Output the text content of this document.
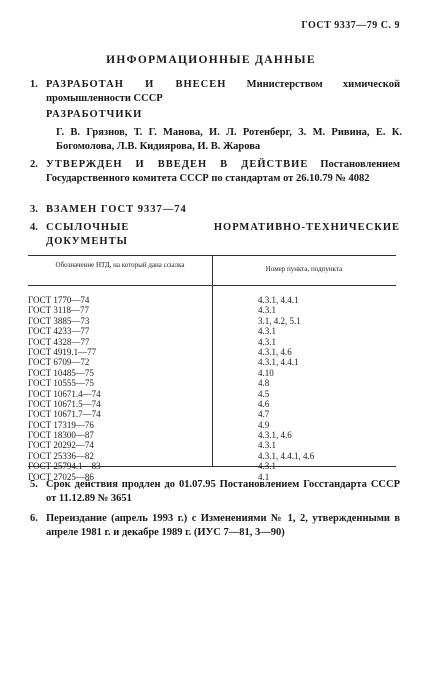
ГОСТ 9337—79 С. 9
ИНФОРМАЦИОННЫЕ ДАННЫЕ
1. РАЗРАБОТАН И ВНЕСЕН Министерством химической промышленности СССР
РАЗРАБОТЧИКИ
Г. В. Грязнов, Т. Г. Манова, И. Л. Ротенберг, З. М. Ривина, Е. К. Богомолова, Л.В. Кидиярова, И. В. Жарова
2. УТВЕРЖДЕН И ВВЕДЕН В ДЕЙСТВИЕ Постановлением Государственного комитета СССР по стандартам от 26.10.79 № 4082
3. ВЗАМЕН ГОСТ 9337—74
4. ССЫЛОЧНЫЕ НОРМАТИВНО-ТЕХНИЧЕСКИЕ ДОКУМЕНТЫ
Обозначение НТД, на который дана ссылка	Номер пункта, подпункта
ГОСТ 1770—74	4.3.1, 4.4.1
ГОСТ 3118—77	4.3.1
ГОСТ 3885—73	3.1, 4.2, 5.1
ГОСТ 4233—77	4.3.1
ГОСТ 4328—77	4.3.1
ГОСТ 4919.1—77	4.3.1, 4.6
ГОСТ 6709—72	4.3.1, 4.4.1
ГОСТ 10485—75	4.10
ГОСТ 10555—75	4.8
ГОСТ 10671.4—74	4.5
ГОСТ 10671.5—74	4.6
ГОСТ 10671.7—74	4.7
ГОСТ 17319—76	4.9
ГОСТ 18300—87	4.3.1, 4.6
ГОСТ 20292—74	4.3.1
ГОСТ 25336—82	4.3.1, 4.4.1, 4.6
ГОСТ 25794.1—83	4.3.1
ГОСТ 27025—86	4.1
5. Срок действия продлен до 01.07.95 Постановлением Госстандарта СССР от 11.12.89 № 3651
6. Переиздание (апрель 1993 г.) с Изменениями № 1, 2, утвержденными в апреле 1981 г. и декабре 1989 г. (ИУС 7—81, 3—90)
